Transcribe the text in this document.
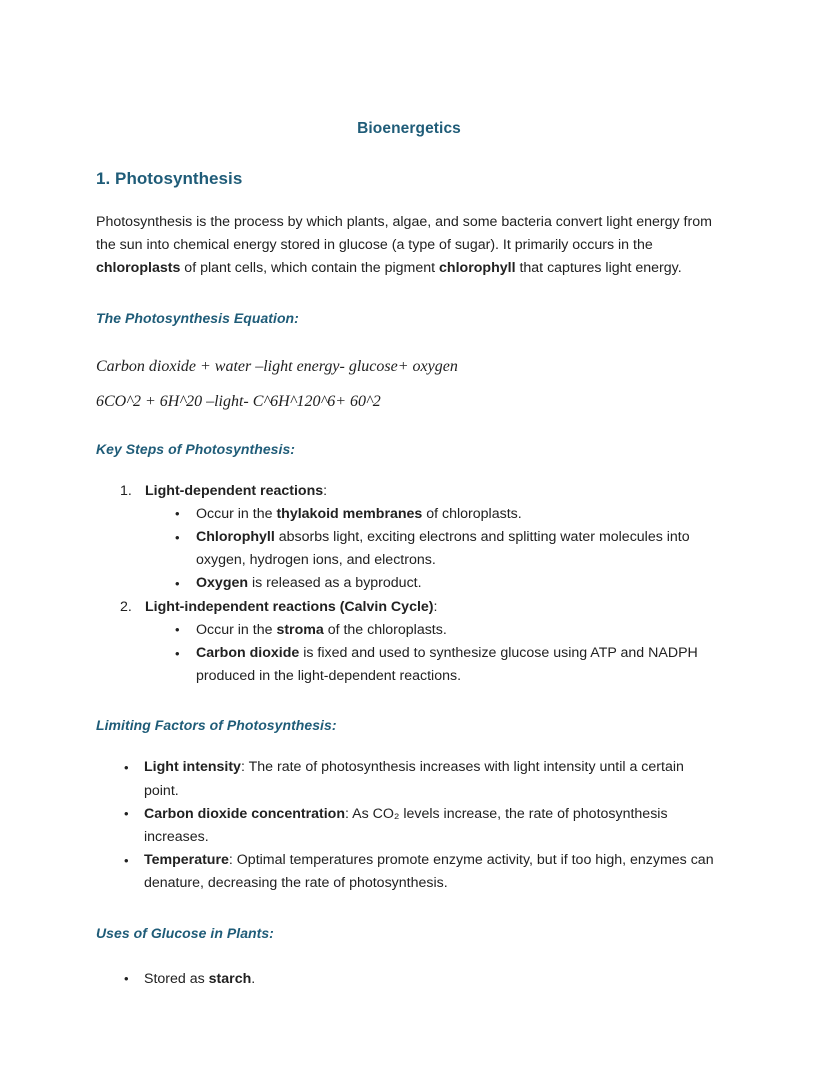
Bioenergetics
1. Photosynthesis

Photosynthesis is the process by which plants, algae, and some bacteria convert light energy from the sun into chemical energy stored in glucose (a type of sugar). It primarily occurs in the chloroplasts of plant cells, which contain the pigment chlorophyll that captures light energy.

The Photosynthesis Equation:

Carbon dioxide + water –light energy- glucose+ oxygen

6CO^2 + 6H^20 –light- C^6H^120^6+ 60^2

Key Steps of Photosynthesis:
Light-dependent reactions:
• Occur in the thylakoid membranes of chloroplasts.
• Chlorophyll absorbs light, exciting electrons and splitting water molecules into oxygen, hydrogen ions, and electrons.
• Oxygen is released as a byproduct.
Light-independent reactions (Calvin Cycle):
• Occur in the stroma of the chloroplasts.
• Carbon dioxide is fixed and used to synthesize glucose using ATP and NADPH produced in the light-dependent reactions.
Limiting Factors of Photosynthesis:
• Light intensity: The rate of photosynthesis increases with light intensity until a certain point.
• Carbon dioxide concentration: As CO₂ levels increase, the rate of photosynthesis increases.
• Temperature: Optimal temperatures promote enzyme activity, but if too high, enzymes can denature, decreasing the rate of photosynthesis.
Uses of Glucose in Plants:
• Stored as starch.
